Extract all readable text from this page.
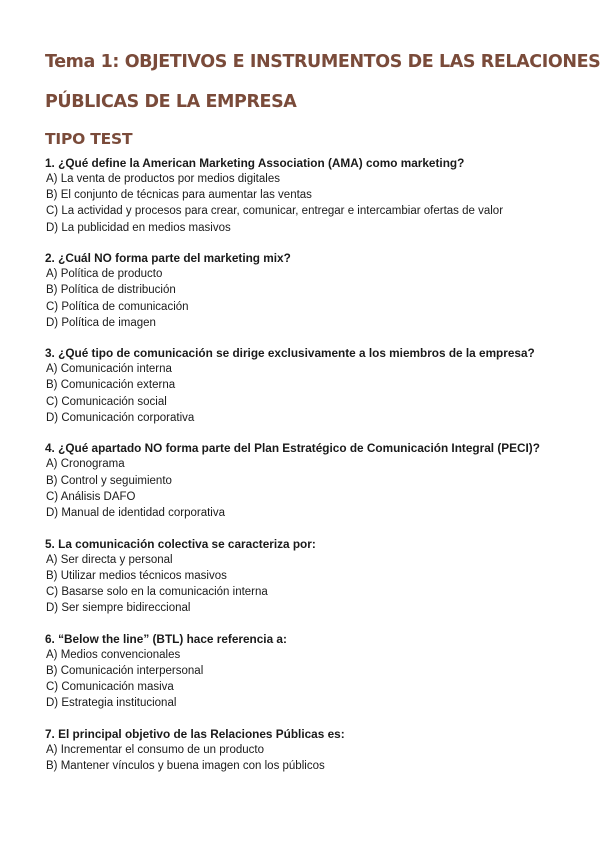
Tema 1: OBJETIVOS E INSTRUMENTOS DE LAS RELACIONES
PÚBLICAS DE LA EMPRESA
TIPO TEST
1. ¿Qué define la American Marketing Association (AMA) como marketing?
A) La venta de productos por medios digitales
B) El conjunto de técnicas para aumentar las ventas
C) La actividad y procesos para crear, comunicar, entregar e intercambiar ofertas de valor
D) La publicidad en medios masivos
2. ¿Cuál NO forma parte del marketing mix?
A) Política de producto
B) Política de distribución
C) Política de comunicación
D) Política de imagen
3. ¿Qué tipo de comunicación se dirige exclusivamente a los miembros de la empresa?
A) Comunicación interna
B) Comunicación externa
C) Comunicación social
D) Comunicación corporativa
4. ¿Qué apartado NO forma parte del Plan Estratégico de Comunicación Integral (PECI)?
A) Cronograma
B) Control y seguimiento
C) Análisis DAFO
D) Manual de identidad corporativa
5. La comunicación colectiva se caracteriza por:
A) Ser directa y personal
B) Utilizar medios técnicos masivos
C) Basarse solo en la comunicación interna
D) Ser siempre bidireccional
6. “Below the line” (BTL) hace referencia a:
A) Medios convencionales
B) Comunicación interpersonal
C) Comunicación masiva
D) Estrategia institucional
7. El principal objetivo de las Relaciones Públicas es:
A) Incrementar el consumo de un producto
B) Mantener vínculos y buena imagen con los públicos
